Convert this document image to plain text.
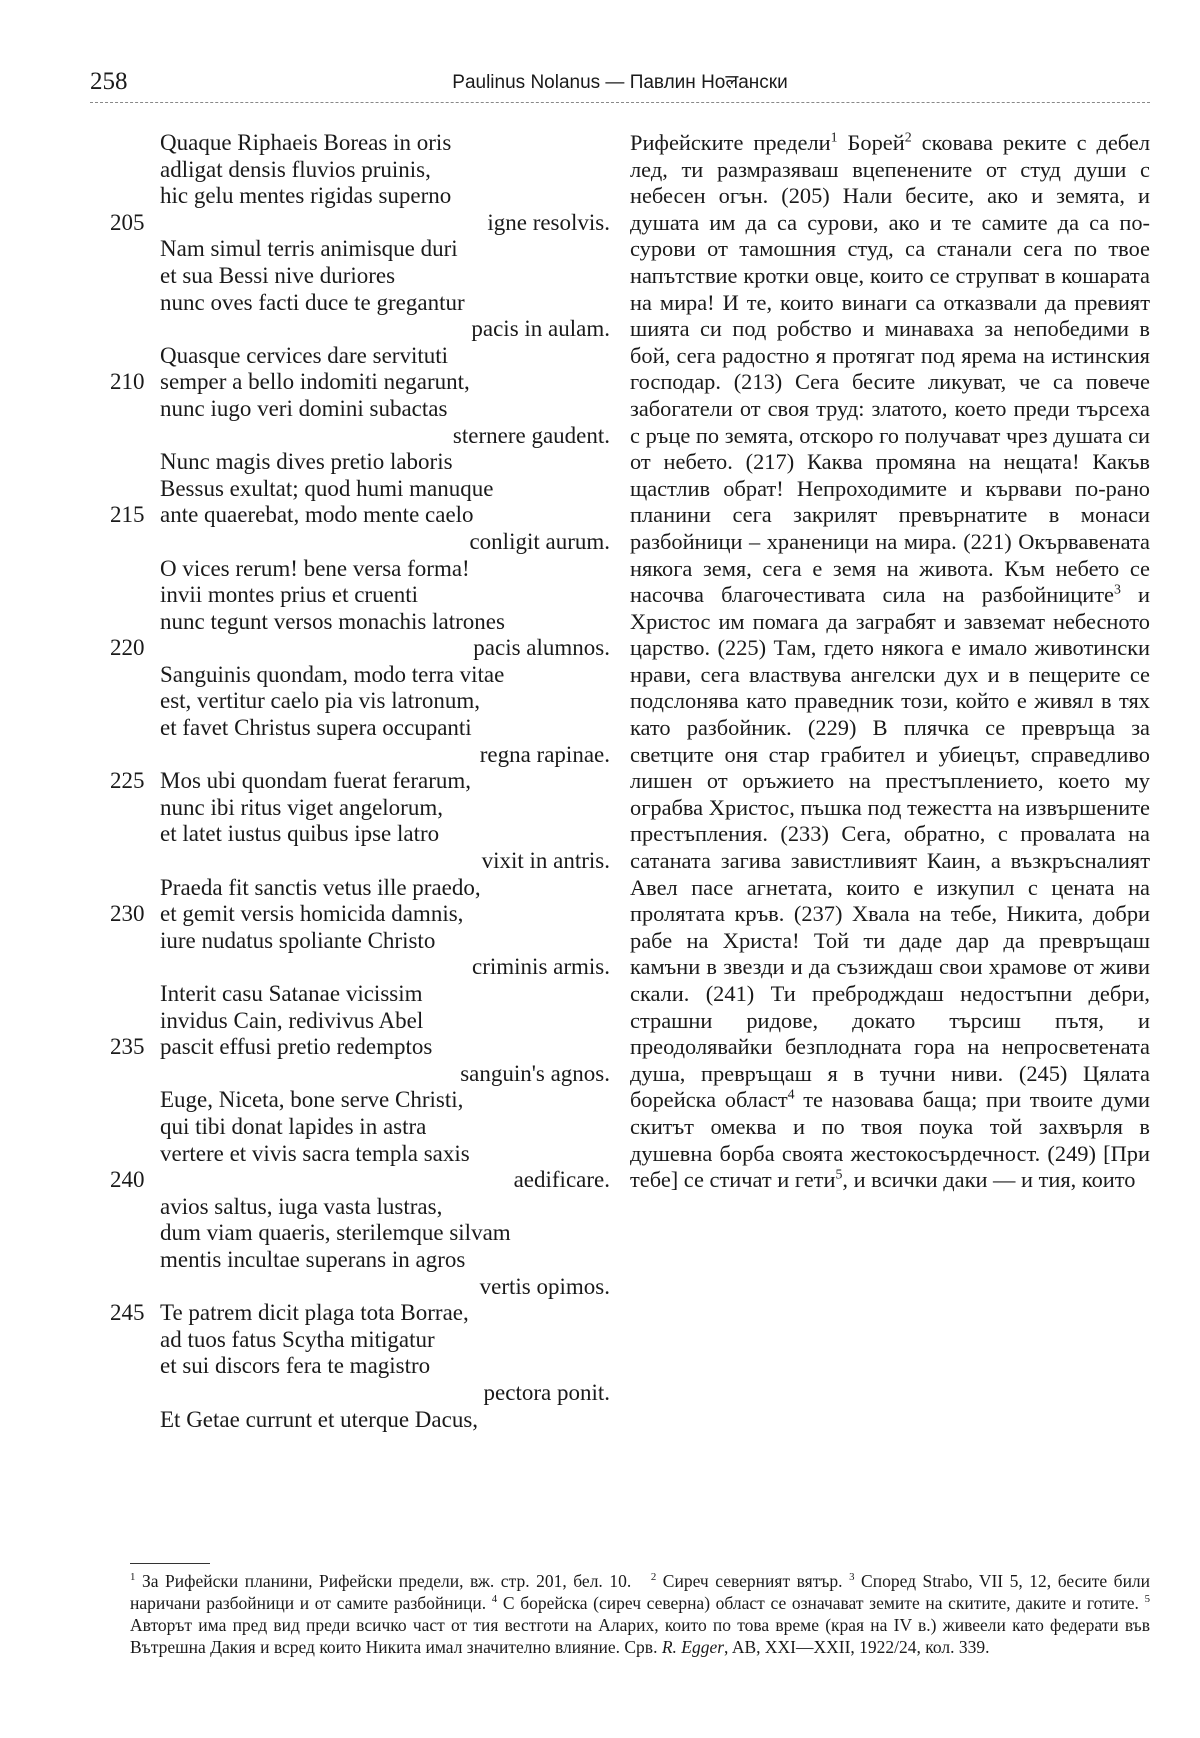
258	Paulinus Nolanus — Павлин Ноलански
Quaque Riphaeis Boreas in oris
adligat densis fluvios pruinis,
hic gelu mentes rigidas superno
205	igne resolvis.
Nam simul terris animisque duri
et sua Bessi nive duriores
nunc oves facti duce te gregantur
pacis in aulam.
Quasque cervices dare servituti
210 semper a bello indomiti negarunt,
nunc iugo veri domini subactas
sternere gaudent.
Nunc magis dives pretio laboris
Bessus exultat; quod humi manuque
215 ante quaerebat, modo mente caelo
conligit aurum.
O vices rerum! bene versa forma!
invii montes prius et cruenti
nunc tegunt versos monachis latrones
220	pacis alumnos.
Sanguinis quondam, modo terra vitae
est, vertitur caelo pia vis latronum,
et favet Christus supera occupanti
regna rapinae.
225 Mos ubi quondam fuerat ferarum,
nunc ibi ritus viget angelorum,
et latet iustus quibus ipse latro
vixit in antris.
Praeda fit sanctis vetus ille praedo,
230 et gemit versis homicida damnis,
iure nudatus spoliante Christo
criminis armis.
Interit casu Satanae vicissim
invidus Cain, redivivus Abel
235 pascit effusi pretio redemptos
sanguin's agnos.
Euge, Niceta, bone serve Christi,
qui tibi donat lapides in astra
vertere et vivis sacra templa saxis
240	aedificare.
avios saltus, iuga vasta lustras,
dum viam quaeris, sterilemque silvam
mentis incultae superans in agros
vertis opimos.
245 Te patrem dicit plaga tota Borrae,
ad tuos fatus Scytha mitigatur
et sui discors fera te magistro
pectora ponit.
Et Getae currunt et uterque Dacus,

Рифейските предели$^1$ Борей$^2$ сковава реките с дебел лед, ти размразяваш вцепенените от студ души с небесен огън. (205) Нали бесите, ако и земята, и душата им да са сурови, ако и те самите да са по-сурови от тамошния студ, са станали сега по твое напътствие кротки овце, които се струпват в кошарата на мира! И те, които винаги са отказвали да превият шията си под робство и минаваха за непобедими в бой, сега радостно я протягат под ярема на истинския господар. (213) Сега бесите ликуват, че са повече забогатели от своя труд: златото, което преди търсеха с ръце по земята, отскоро го получават чрез душата си от небето. (217) Каква промяна на нещата! Какъв щастлив обрат! Непроходимите и кървави по-рано планини сега закрилят превърнатите в монаси разбойници – храненици на мира. (221) Окървавената някога земя, сега е земя на живота. Към небето се насочва благочестивата сила на разбойниците$^3$ и Христос им помага да заграбят и завземат небесното царство. (225) Там, гдето някога е имало животински нрави, сега властвува ангелски дух и в пещерите се подслонява като праведник този, който е живял в тях като разбойник. (229) В плячка се превръща за светците оня стар грабител и убиецът, справедливо лишен от оръжието на престъплението, което му ограбва Христос, пъшка под тежестта на извършените престъпления. (233) Сега, обратно, с провалата на сатаната загива завистливият Каин, а възкръсналият Авел пасе агнетата, които е изкупил с цената на пролятата кръв. (237) Хвала на тебе, Никита, добри рабе на Христа! Той ти даде дар да превръщаш камъни в звезди и да съзиждаш свои храмове от живи скали. (241) Ти пребродждаш недостъпни дебри, страшни ридове, докато търсиш пътя, и преодолявайки безплодната гора на непросветената душа, превръщаш я в тучни ниви. (245) Цялата борейска област$^4$ те назовава баща; при твоите думи скитът омеква и по твоя поука той захвърля в душевна борба своята жестокосърдечност. (249) [При тебе] се стичат и гети$^5$, и всички даки — и тия, които

$^1$ За Рифейски планини, Рифейски предели, вж. стр. 201, бел. 10. $^2$ Сиреч северният вятър. $^3$ Според Strabo, VII 5, 12, бесите били наричани разбойници и от самите разбойници. $^4$ С борейска (сиреч северна) област се означават земите на скитите, даките и готите. $^5$ Авторът има пред вид преди всичко част от тия вестготи на Аларих, които по това време (края на IV в.) живеели като федерати във Вътрешна Дакия и всред които Никита имал значително влияние. Срв. R. Egger, AB, XXI—XXII, 1922/24, кол. 339.
